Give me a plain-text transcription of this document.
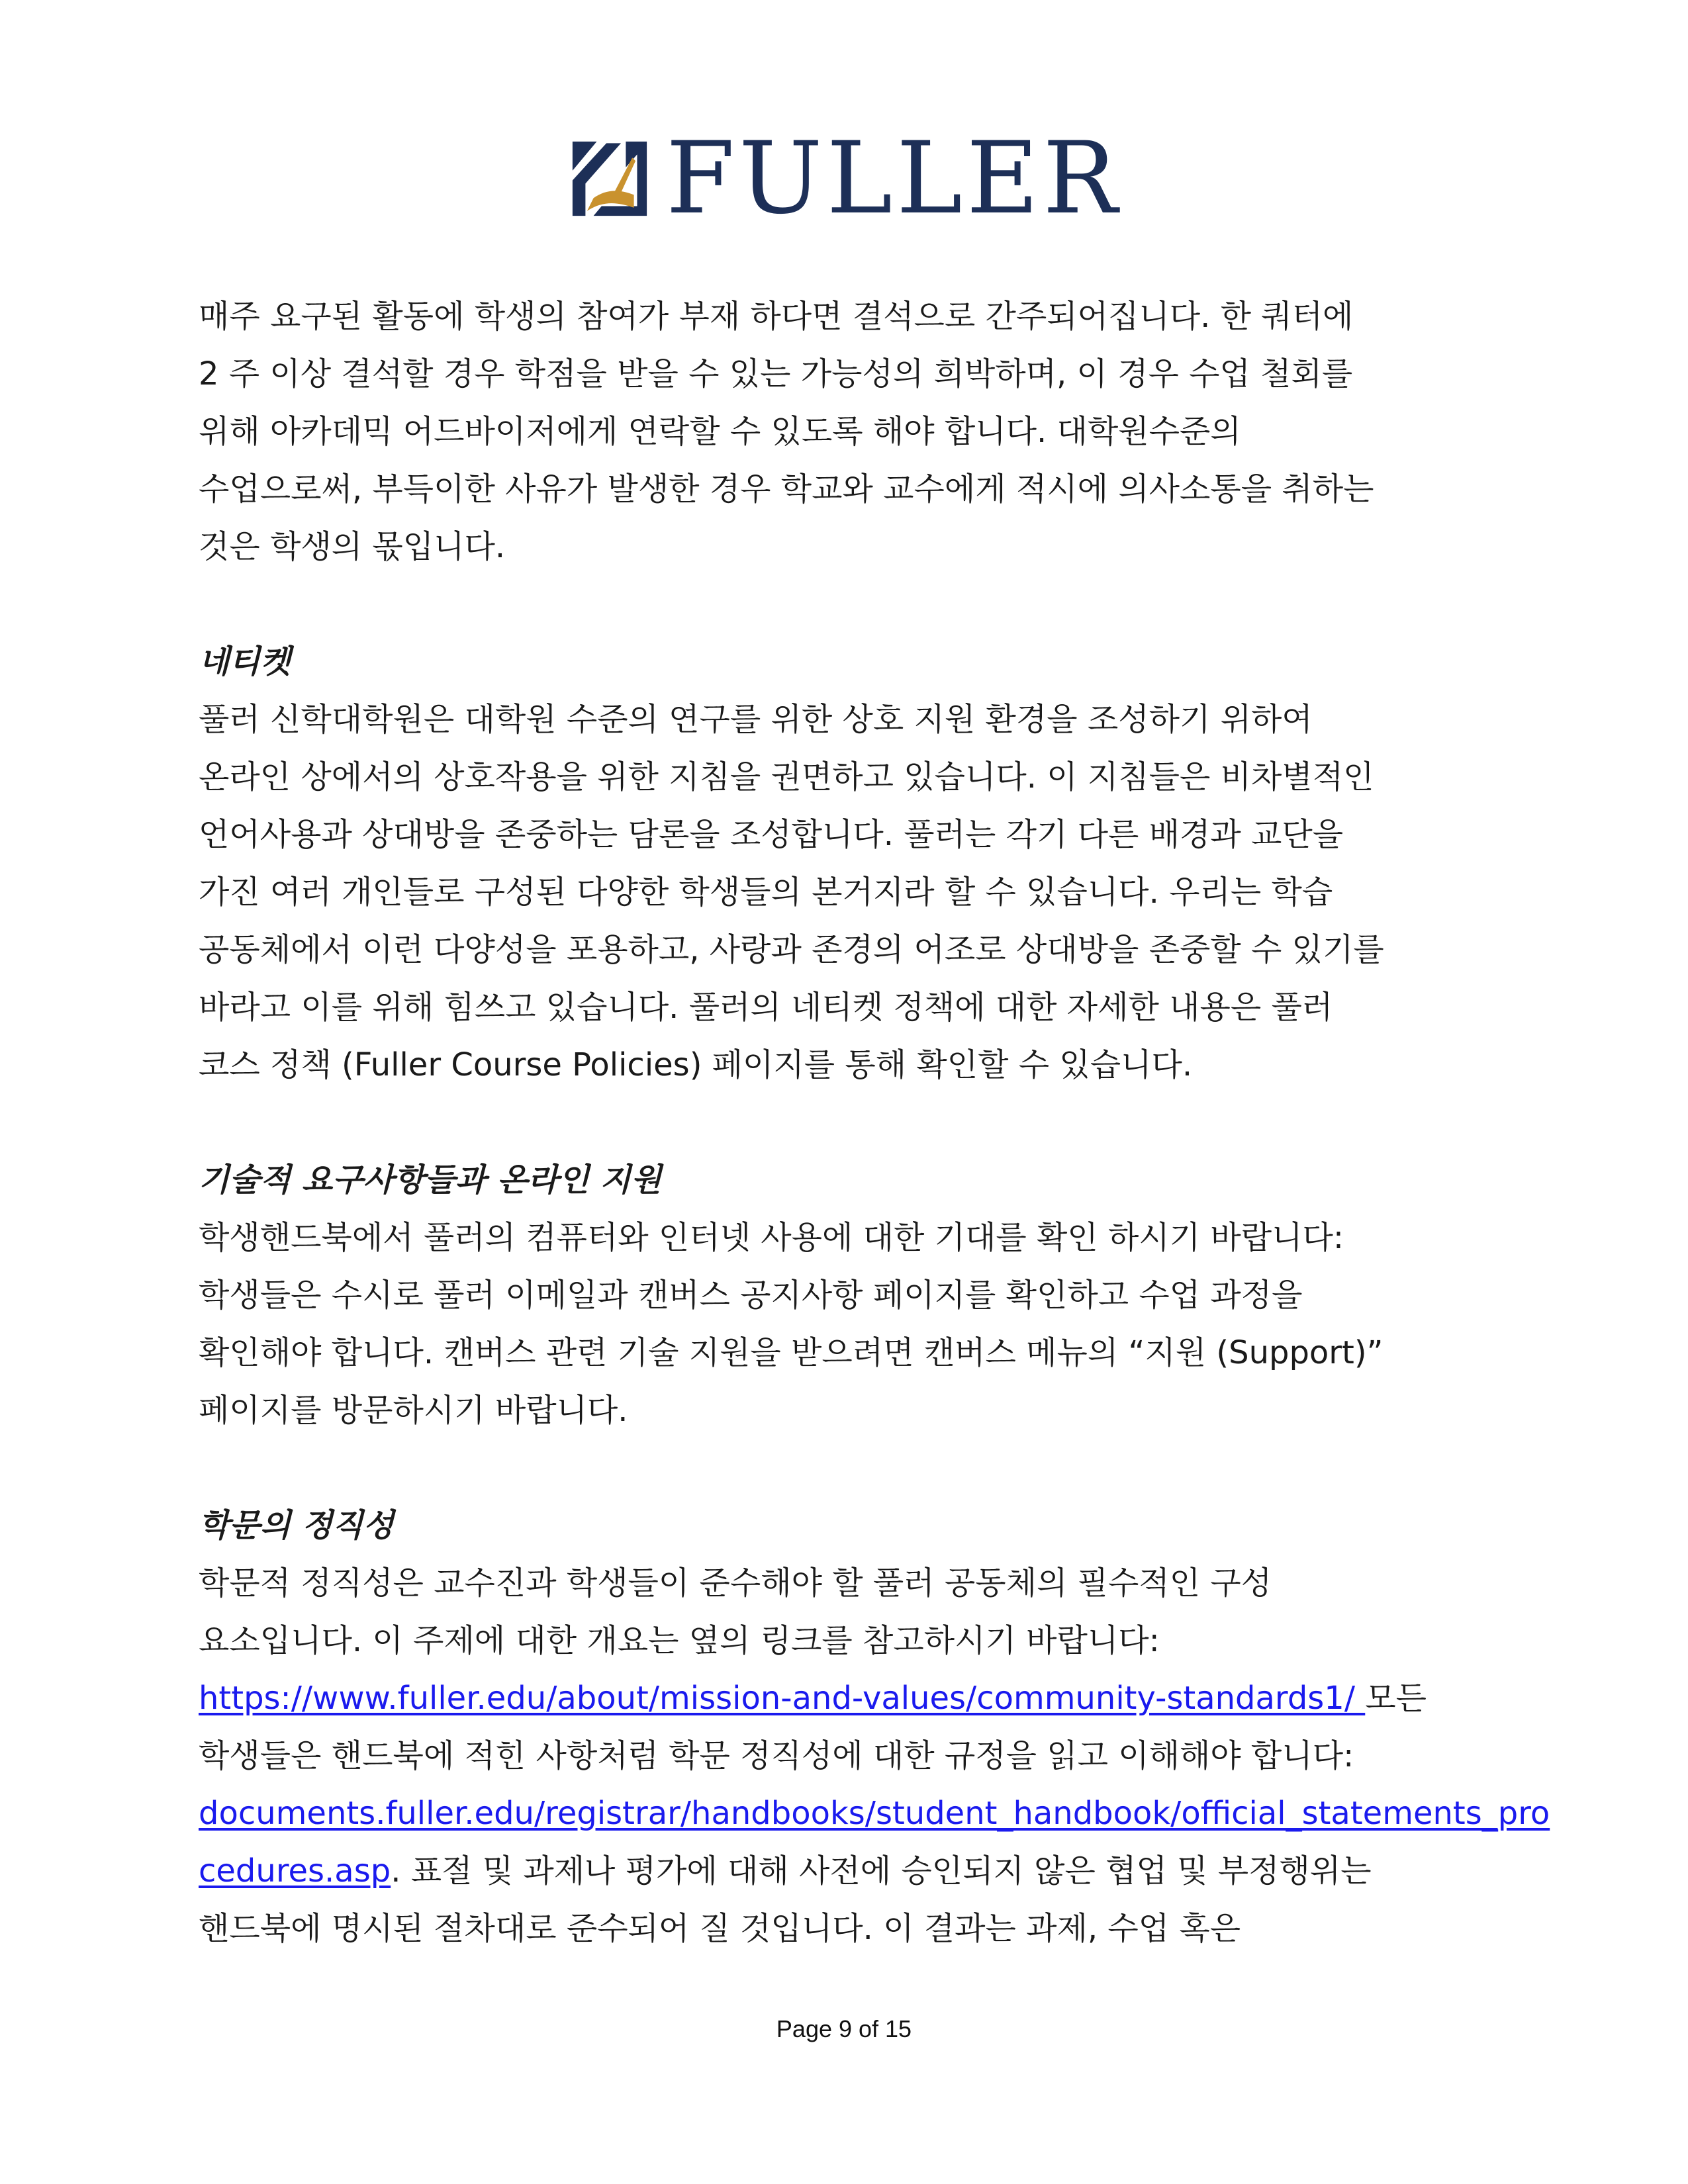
FULLER

매주 요구된 활동에 학생의 참여가 부재 하다면 결석으로 간주되어집니다. 한 쿼터에

2 주 이상 결석할 경우 학점을 받을 수 있는 가능성의 희박하며, 이 경우 수업 철회를

위해 아카데믹 어드바이저에게 연락할 수 있도록 해야 합니다. 대학원수준의

수업으로써, 부득이한 사유가 발생한 경우 학교와 교수에게 적시에 의사소통을 취하는

것은 학생의 몫입니다.

네티켓

풀러 신학대학원은 대학원 수준의 연구를 위한 상호 지원 환경을 조성하기 위하여

온라인 상에서의 상호작용을 위한 지침을 권면하고 있습니다. 이 지침들은 비차별적인

언어사용과 상대방을 존중하는 담론을 조성합니다. 풀러는 각기 다른 배경과 교단을

가진 여러 개인들로 구성된 다양한 학생들의 본거지라 할 수 있습니다. 우리는 학습

공동체에서 이런 다양성을 포용하고, 사랑과 존경의 어조로 상대방을 존중할 수 있기를

바라고 이를 위해 힘쓰고 있습니다. 풀러의 네티켓 정책에 대한 자세한 내용은 풀러

코스 정책 (Fuller Course Policies) 페이지를 통해 확인할 수 있습니다.

기술적 요구사항들과 온라인 지원

학생핸드북에서 풀러의 컴퓨터와 인터넷 사용에 대한 기대를 확인 하시기 바랍니다:

학생들은 수시로 풀러 이메일과 캔버스 공지사항 페이지를 확인하고 수업 과정을

확인해야 합니다. 캔버스 관련 기술 지원을 받으려면 캔버스 메뉴의 “지원 (Support)”

페이지를 방문하시기 바랍니다.

학문의 정직성

학문적 정직성은 교수진과 학생들이 준수해야 할 풀러 공동체의 필수적인 구성

요소입니다. 이 주제에 대한 개요는 옆의 링크를 참고하시기 바랍니다:

https://www.fuller.edu/about/mission-and-values/community-standards1/ 모든

학생들은 핸드북에 적힌 사항처럼 학문 정직성에 대한 규정을 읽고 이해해야 합니다:

documents.fuller.edu/registrar/handbooks/student_handbook/official_statements_pro

cedures.asp. 표절 및 과제나 평가에 대해 사전에 승인되지 않은 협업 및 부정행위는

핸드북에 명시된 절차대로 준수되어 질 것입니다. 이 결과는 과제, 수업 혹은

Page 9 of 15
